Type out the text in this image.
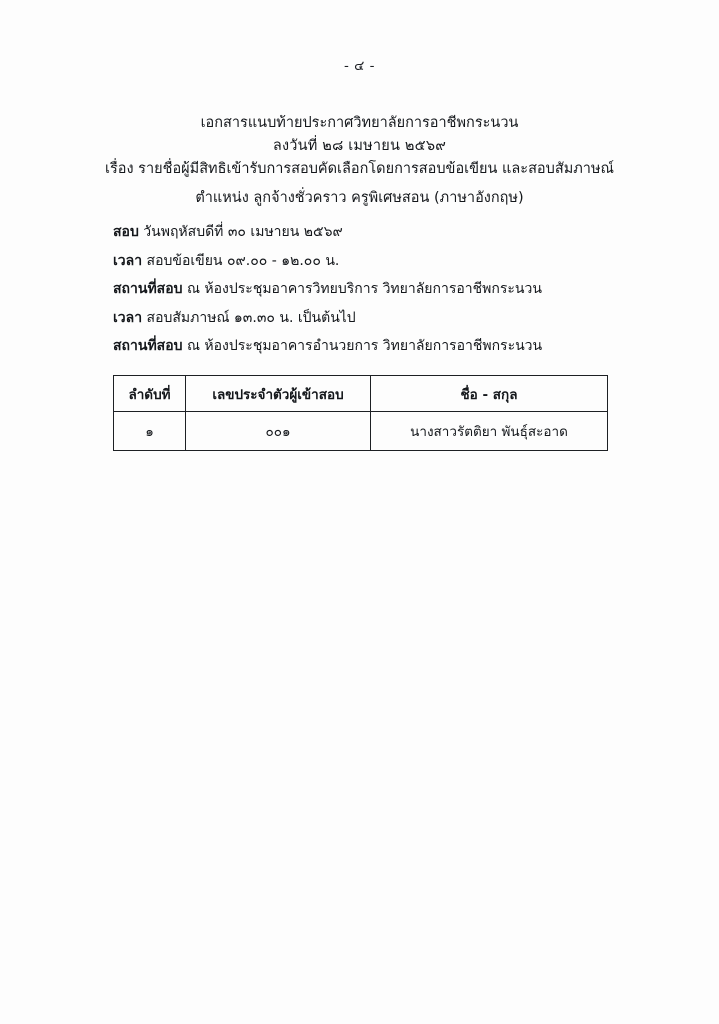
- ๔ -
เอกสารแนบท้ายประกาศวิทยาลัยการอาชีพกระนวน
ลงวันที่ ๒๘ เมษายน ๒๕๖๙
เรื่อง รายชื่อผู้มีสิทธิเข้ารับการสอบคัดเลือกโดยการสอบข้อเขียน และสอบสัมภาษณ์
ตำแหน่ง ลูกจ้างชั่วคราว ครูพิเศษสอน (ภาษาอังกฤษ)
สอบ วันพฤหัสบดีที่ ๓๐ เมษายน ๒๕๖๙
เวลา สอบข้อเขียน ๐๙.๐๐ - ๑๒.๐๐ น.
สถานที่สอบ ณ ห้องประชุมอาคารวิทยบริการ วิทยาลัยการอาชีพกระนวน
เวลา สอบสัมภาษณ์ ๑๓.๓๐ น. เป็นต้นไป
สถานที่สอบ ณ ห้องประชุมอาคารอำนวยการ วิทยาลัยการอาชีพกระนวน
ลำดับที่	เลขประจำตัวผู้เข้าสอบ	ชื่อ - สกุล
๑	๐๐๑	นางสาวรัตติยา พันธุ์สะอาด
